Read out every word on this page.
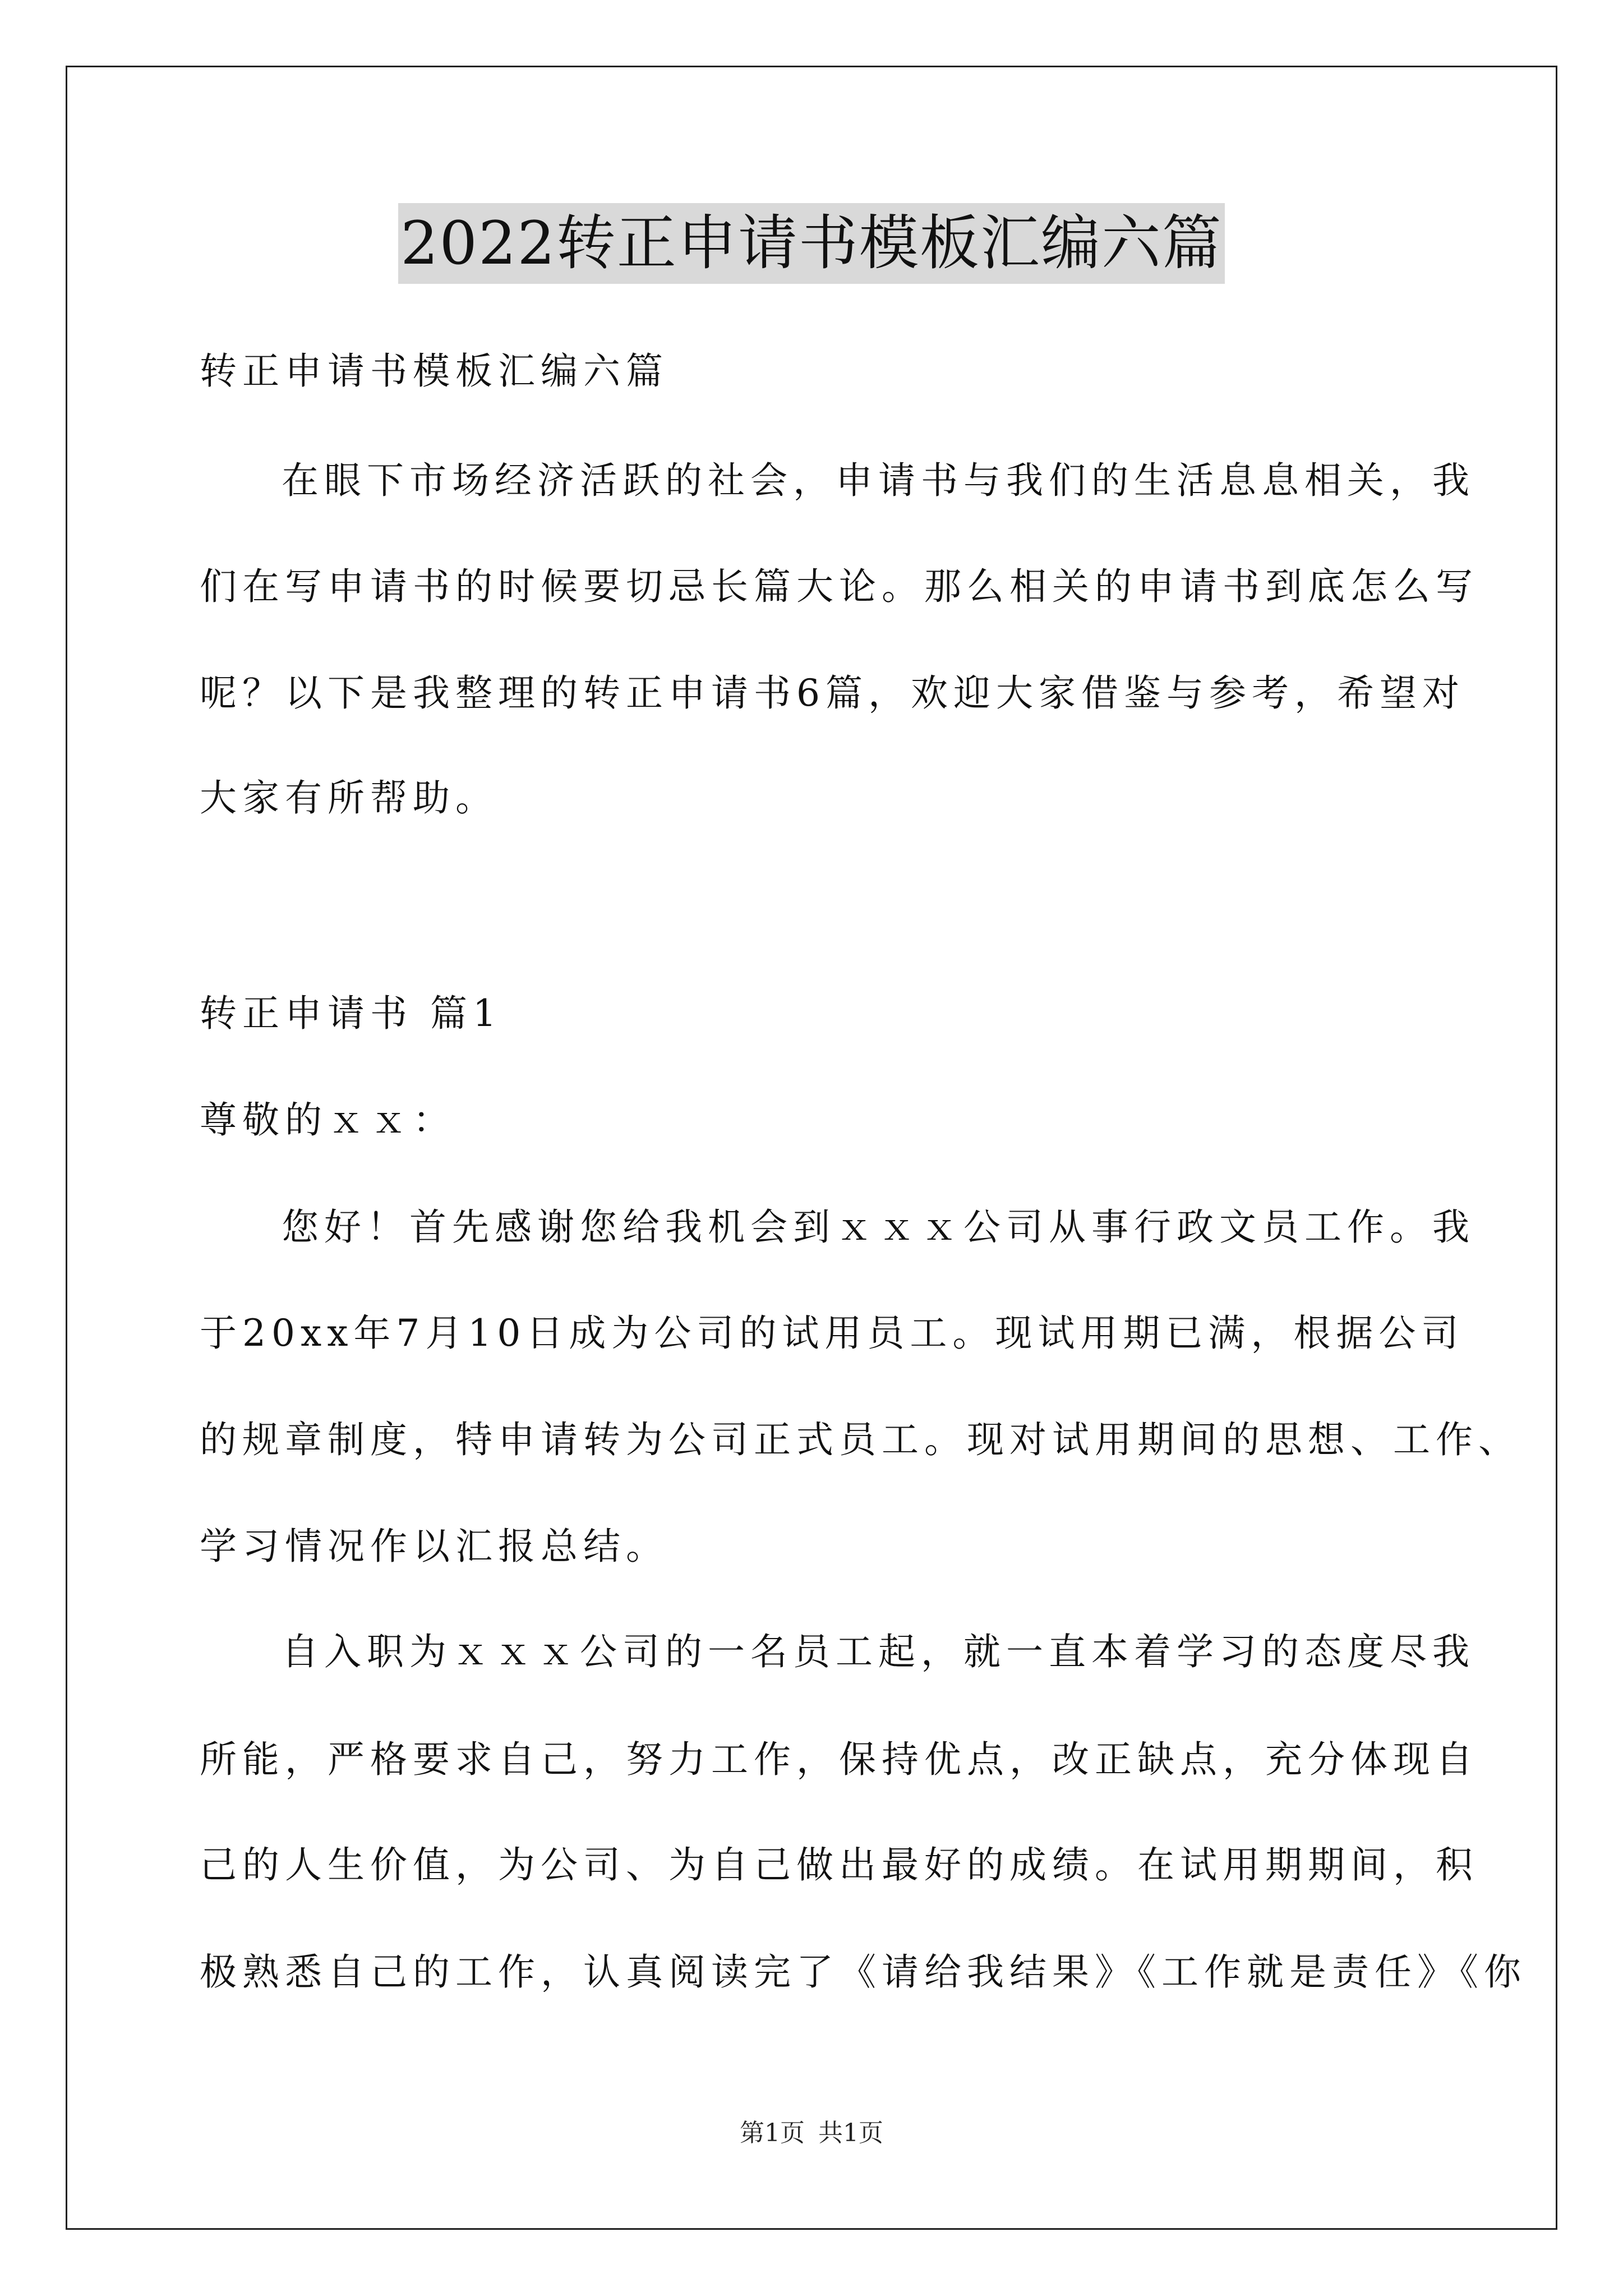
2022转正申请书模板汇编六篇
转正申请书模板汇编六篇
在眼下市场经济活跃的社会，申请书与我们的生活息息相关，我
们在写申请书的时候要切忌长篇大论。那么相关的申请书到底怎么写
呢？以下是我整理的转正申请书6篇，欢迎大家借鉴与参考，希望对
大家有所帮助。
转正申请书 篇1
尊敬的ｘｘ：
您好！首先感谢您给我机会到ｘｘｘ公司从事行政文员工作。我
于20xx年7月10日成为公司的试用员工。现试用期已满，根据公司
的规章制度，特申请转为公司正式员工。现对试用期间的思想、工作、
学习情况作以汇报总结。
自入职为ｘｘｘ公司的一名员工起，就一直本着学习的态度尽我
所能，严格要求自己，努力工作，保持优点，改正缺点，充分体现自
己的人生价值，为公司、为自己做出最好的成绩。在试用期期间，积
极熟悉自己的工作，认真阅读完了《请给我结果》《工作就是责任》《你
第1页 共1页
